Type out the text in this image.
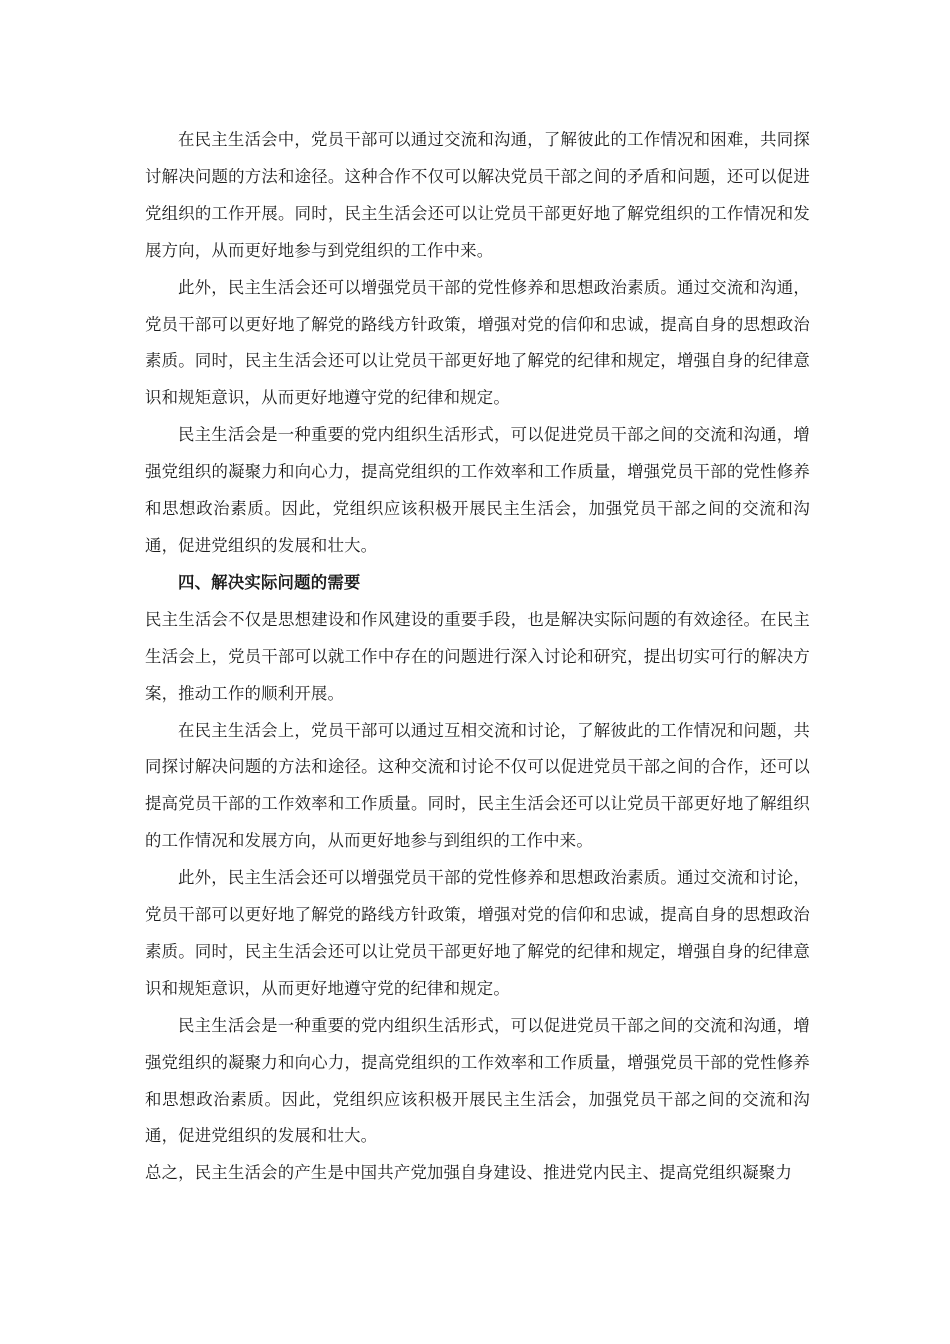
在民主生活会中，党员干部可以通过交流和沟通，了解彼此的工作情况和困难，共同探讨解决问题的方法和途径。这种合作不仅可以解决党员干部之间的矛盾和问题，还可以促进党组织的工作开展。同时，民主生活会还可以让党员干部更好地了解党组织的工作情况和发展方向，从而更好地参与到党组织的工作中来。

此外，民主生活会还可以增强党员干部的党性修养和思想政治素质。通过交流和沟通，党员干部可以更好地了解党的路线方针政策，增强对党的信仰和忠诚，提高自身的思想政治素质。同时，民主生活会还可以让党员干部更好地了解党的纪律和规定，增强自身的纪律意识和规矩意识，从而更好地遵守党的纪律和规定。

民主生活会是一种重要的党内组织生活形式，可以促进党员干部之间的交流和沟通，增强党组织的凝聚力和向心力，提高党组织的工作效率和工作质量，增强党员干部的党性修养和思想政治素质。因此，党组织应该积极开展民主生活会，加强党员干部之间的交流和沟通，促进党组织的发展和壮大。

四、解决实际问题的需要

民主生活会不仅是思想建设和作风建设的重要手段，也是解决实际问题的有效途径。在民主生活会上，党员干部可以就工作中存在的问题进行深入讨论和研究，提出切实可行的解决方案，推动工作的顺利开展。

在民主生活会上，党员干部可以通过互相交流和讨论，了解彼此的工作情况和问题，共同探讨解决问题的方法和途径。这种交流和讨论不仅可以促进党员干部之间的合作，还可以提高党员干部的工作效率和工作质量。同时，民主生活会还可以让党员干部更好地了解组织的工作情况和发展方向，从而更好地参与到组织的工作中来。

此外，民主生活会还可以增强党员干部的党性修养和思想政治素质。通过交流和讨论，党员干部可以更好地了解党的路线方针政策，增强对党的信仰和忠诚，提高自身的思想政治素质。同时，民主生活会还可以让党员干部更好地了解党的纪律和规定，增强自身的纪律意识和规矩意识，从而更好地遵守党的纪律和规定。

民主生活会是一种重要的党内组织生活形式，可以促进党员干部之间的交流和沟通，增强党组织的凝聚力和向心力，提高党组织的工作效率和工作质量，增强党员干部的党性修养和思想政治素质。因此，党组织应该积极开展民主生活会，加强党员干部之间的交流和沟通，促进党组织的发展和壮大。

总之，民主生活会的产生是中国共产党加强自身建设、推进党内民主、提高党组织凝聚力
